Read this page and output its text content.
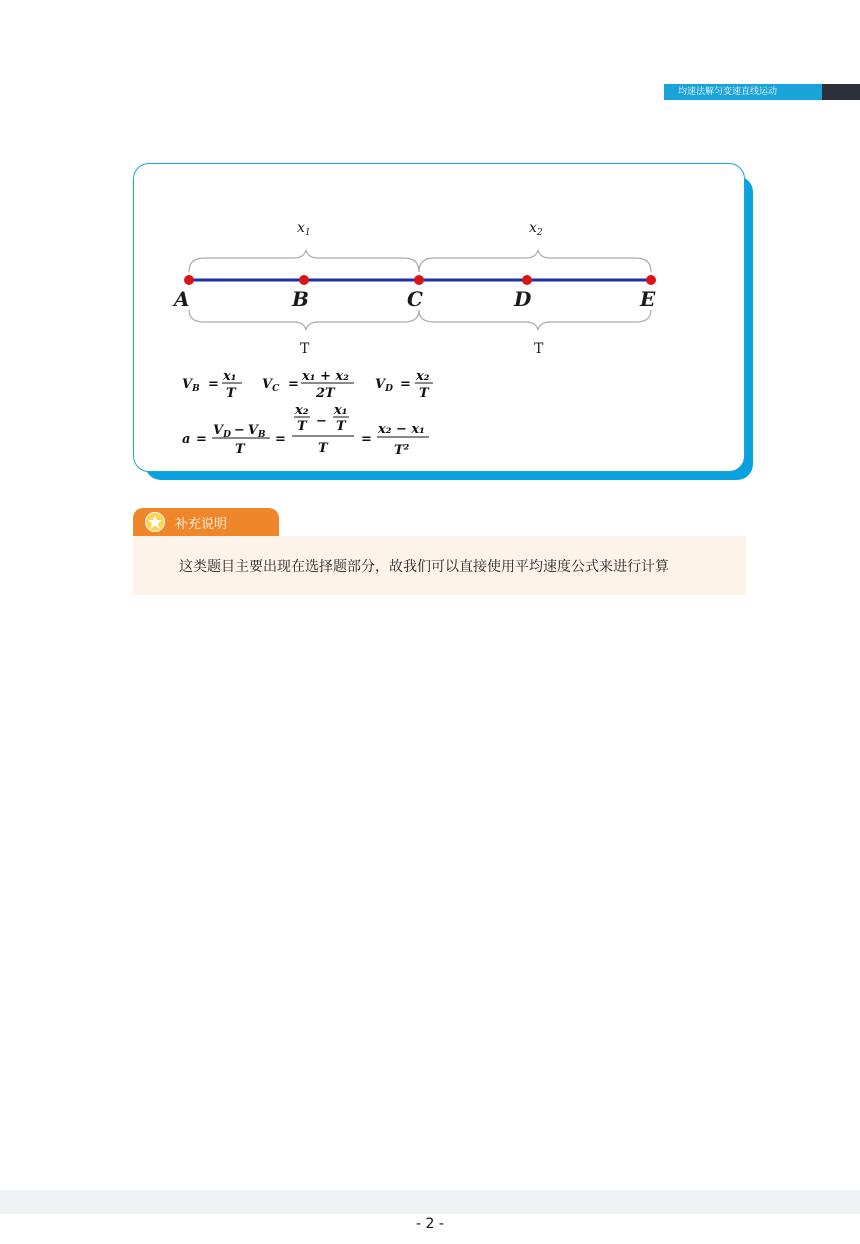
均速法解匀变速直线运动
$x_1$	$x_2$
A	B	C	D	E
T	T
$V_B$ =
x₁
T
$V_C$ =
x₁ + x₂
2T
$V_D$ =
x₂
T
a =
$V_D - V_B$
T
=
x₂
T −
x₁
T
T
=
x₂ − x₁
T²
补充说明
这类题目主要出现在选择题部分，故我们可以直接使用平均速度公式来进行计算
- 2 -
